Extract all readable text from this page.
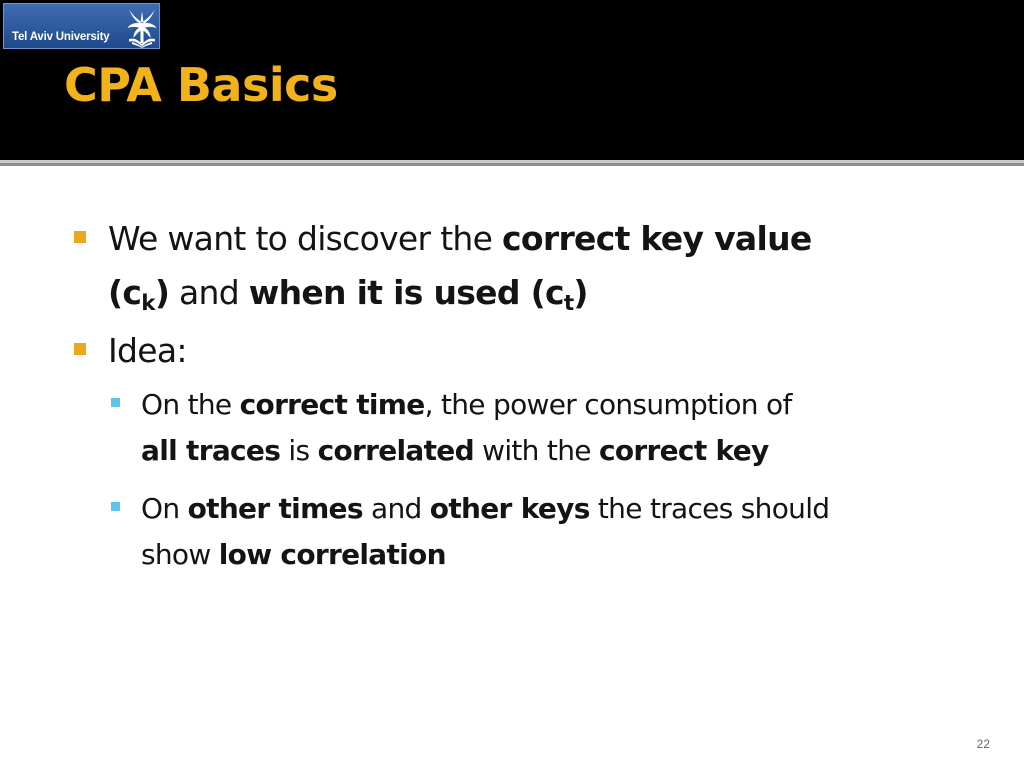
Tel Aviv University
CPA Basics
We want to discover the correct key value
$(c_k)$ and when it is used $(c_t)$
Idea:
On the correct time, the power consumption of
all traces is correlated with the correct key
On other times and other keys the traces should
show low correlation
22
